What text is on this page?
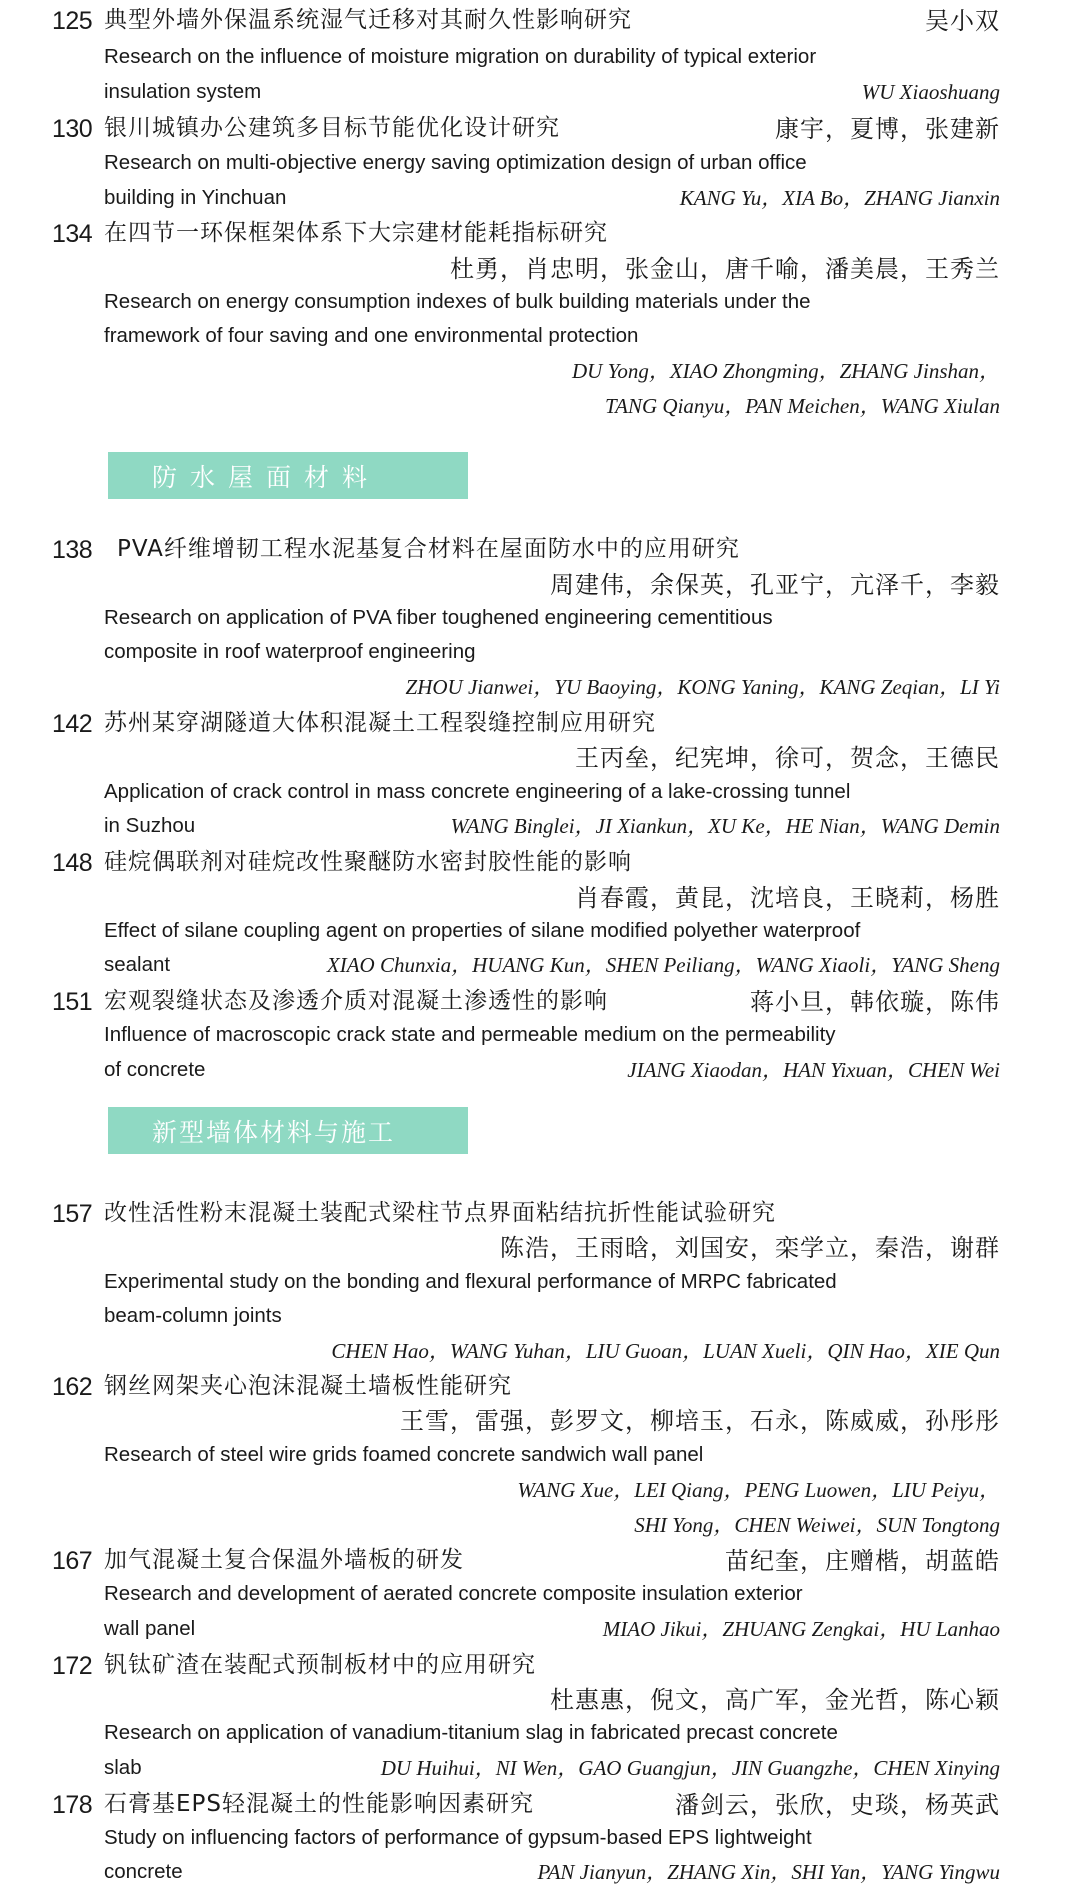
125 典型外墙外保温系统湿气迁移对其耐久性影响研究	吴小双
Research on the influence of moisture migration on durability of typical exterior
insulation system	WU Xiaoshuang
130 银川城镇办公建筑多目标节能优化设计研究	康宇，夏博，张建新
Research on multi-objective energy saving optimization design of urban office
building in Yinchuan	KANG Yu，XIA Bo，ZHANG Jianxin
134 在四节一环保框架体系下大宗建材能耗指标研究
杜勇，肖忠明，张金山，唐千喻，潘美晨，王秀兰
Research on energy consumption indexes of bulk building materials under the
framework of four saving and one environmental protection
DU Yong，XIAO Zhongming，ZHANG Jinshan，
TANG Qianyu，PAN Meichen，WANG Xiulan
防水屋面材料
138 PVA纤维增韧工程水泥基复合材料在屋面防水中的应用研究
周建伟，余保英，孔亚宁，亢泽千，李毅
Research on application of PVA fiber toughened engineering cementitious
composite in roof waterproof engineering
ZHOU Jianwei，YU Baoying，KONG Yaning，KANG Zeqian，LI Yi
142 苏州某穿湖隧道大体积混凝土工程裂缝控制应用研究
王丙垒，纪宪坤，徐可，贺念，王德民
Application of crack control in mass concrete engineering of a lake-crossing tunnel
in Suzhou	WANG Binglei，JI Xiankun，XU Ke，HE Nian，WANG Demin
148 硅烷偶联剂对硅烷改性聚醚防水密封胶性能的影响
肖春霞，黄昆，沈培良，王晓莉，杨胜
Effect of silane coupling agent on properties of silane modified polyether waterproof
sealant	XIAO Chunxia，HUANG Kun，SHEN Peiliang，WANG Xiaoli，YANG Sheng
151 宏观裂缝状态及渗透介质对混凝土渗透性的影响	蒋小旦，韩依璇，陈伟
Influence of macroscopic crack state and permeable medium on the permeability
of concrete	JIANG Xiaodan，HAN Yixuan，CHEN Wei
新型墙体材料与施工
157 改性活性粉末混凝土装配式梁柱节点界面粘结抗折性能试验研究
陈浩，王雨晗，刘国安，栾学立，秦浩，谢群
Experimental study on the bonding and flexural performance of MRPC fabricated
beam-column joints
CHEN Hao，WANG Yuhan，LIU Guoan，LUAN Xueli，QIN Hao，XIE Qun
162 钢丝网架夹心泡沫混凝土墙板性能研究
王雪，雷强，彭罗文，柳培玉，石永，陈威威，孙彤彤
Research of steel wire grids foamed concrete sandwich wall panel
WANG Xue，LEI Qiang，PENG Luowen，LIU Peiyu，
SHI Yong，CHEN Weiwei，SUN Tongtong
167 加气混凝土复合保温外墙板的研发	苗纪奎，庄赠楷，胡蓝皓
Research and development of aerated concrete composite insulation exterior
wall panel	MIAO Jikui，ZHUANG Zengkai，HU Lanhao
172 钒钛矿渣在装配式预制板材中的应用研究
杜惠惠，倪文，高广军，金光哲，陈心颖
Research on application of vanadium-titanium slag in fabricated precast concrete
slab	DU Huihui，NI Wen，GAO Guangjun，JIN Guangzhe，CHEN Xinying
178 石膏基EPS轻混凝土的性能影响因素研究	潘剑云，张欣，史琰，杨英武
Study on influencing factors of performance of gypsum-based EPS lightweight
concrete	PAN Jianyun，ZHANG Xin，SHI Yan，YANG Yingwu
